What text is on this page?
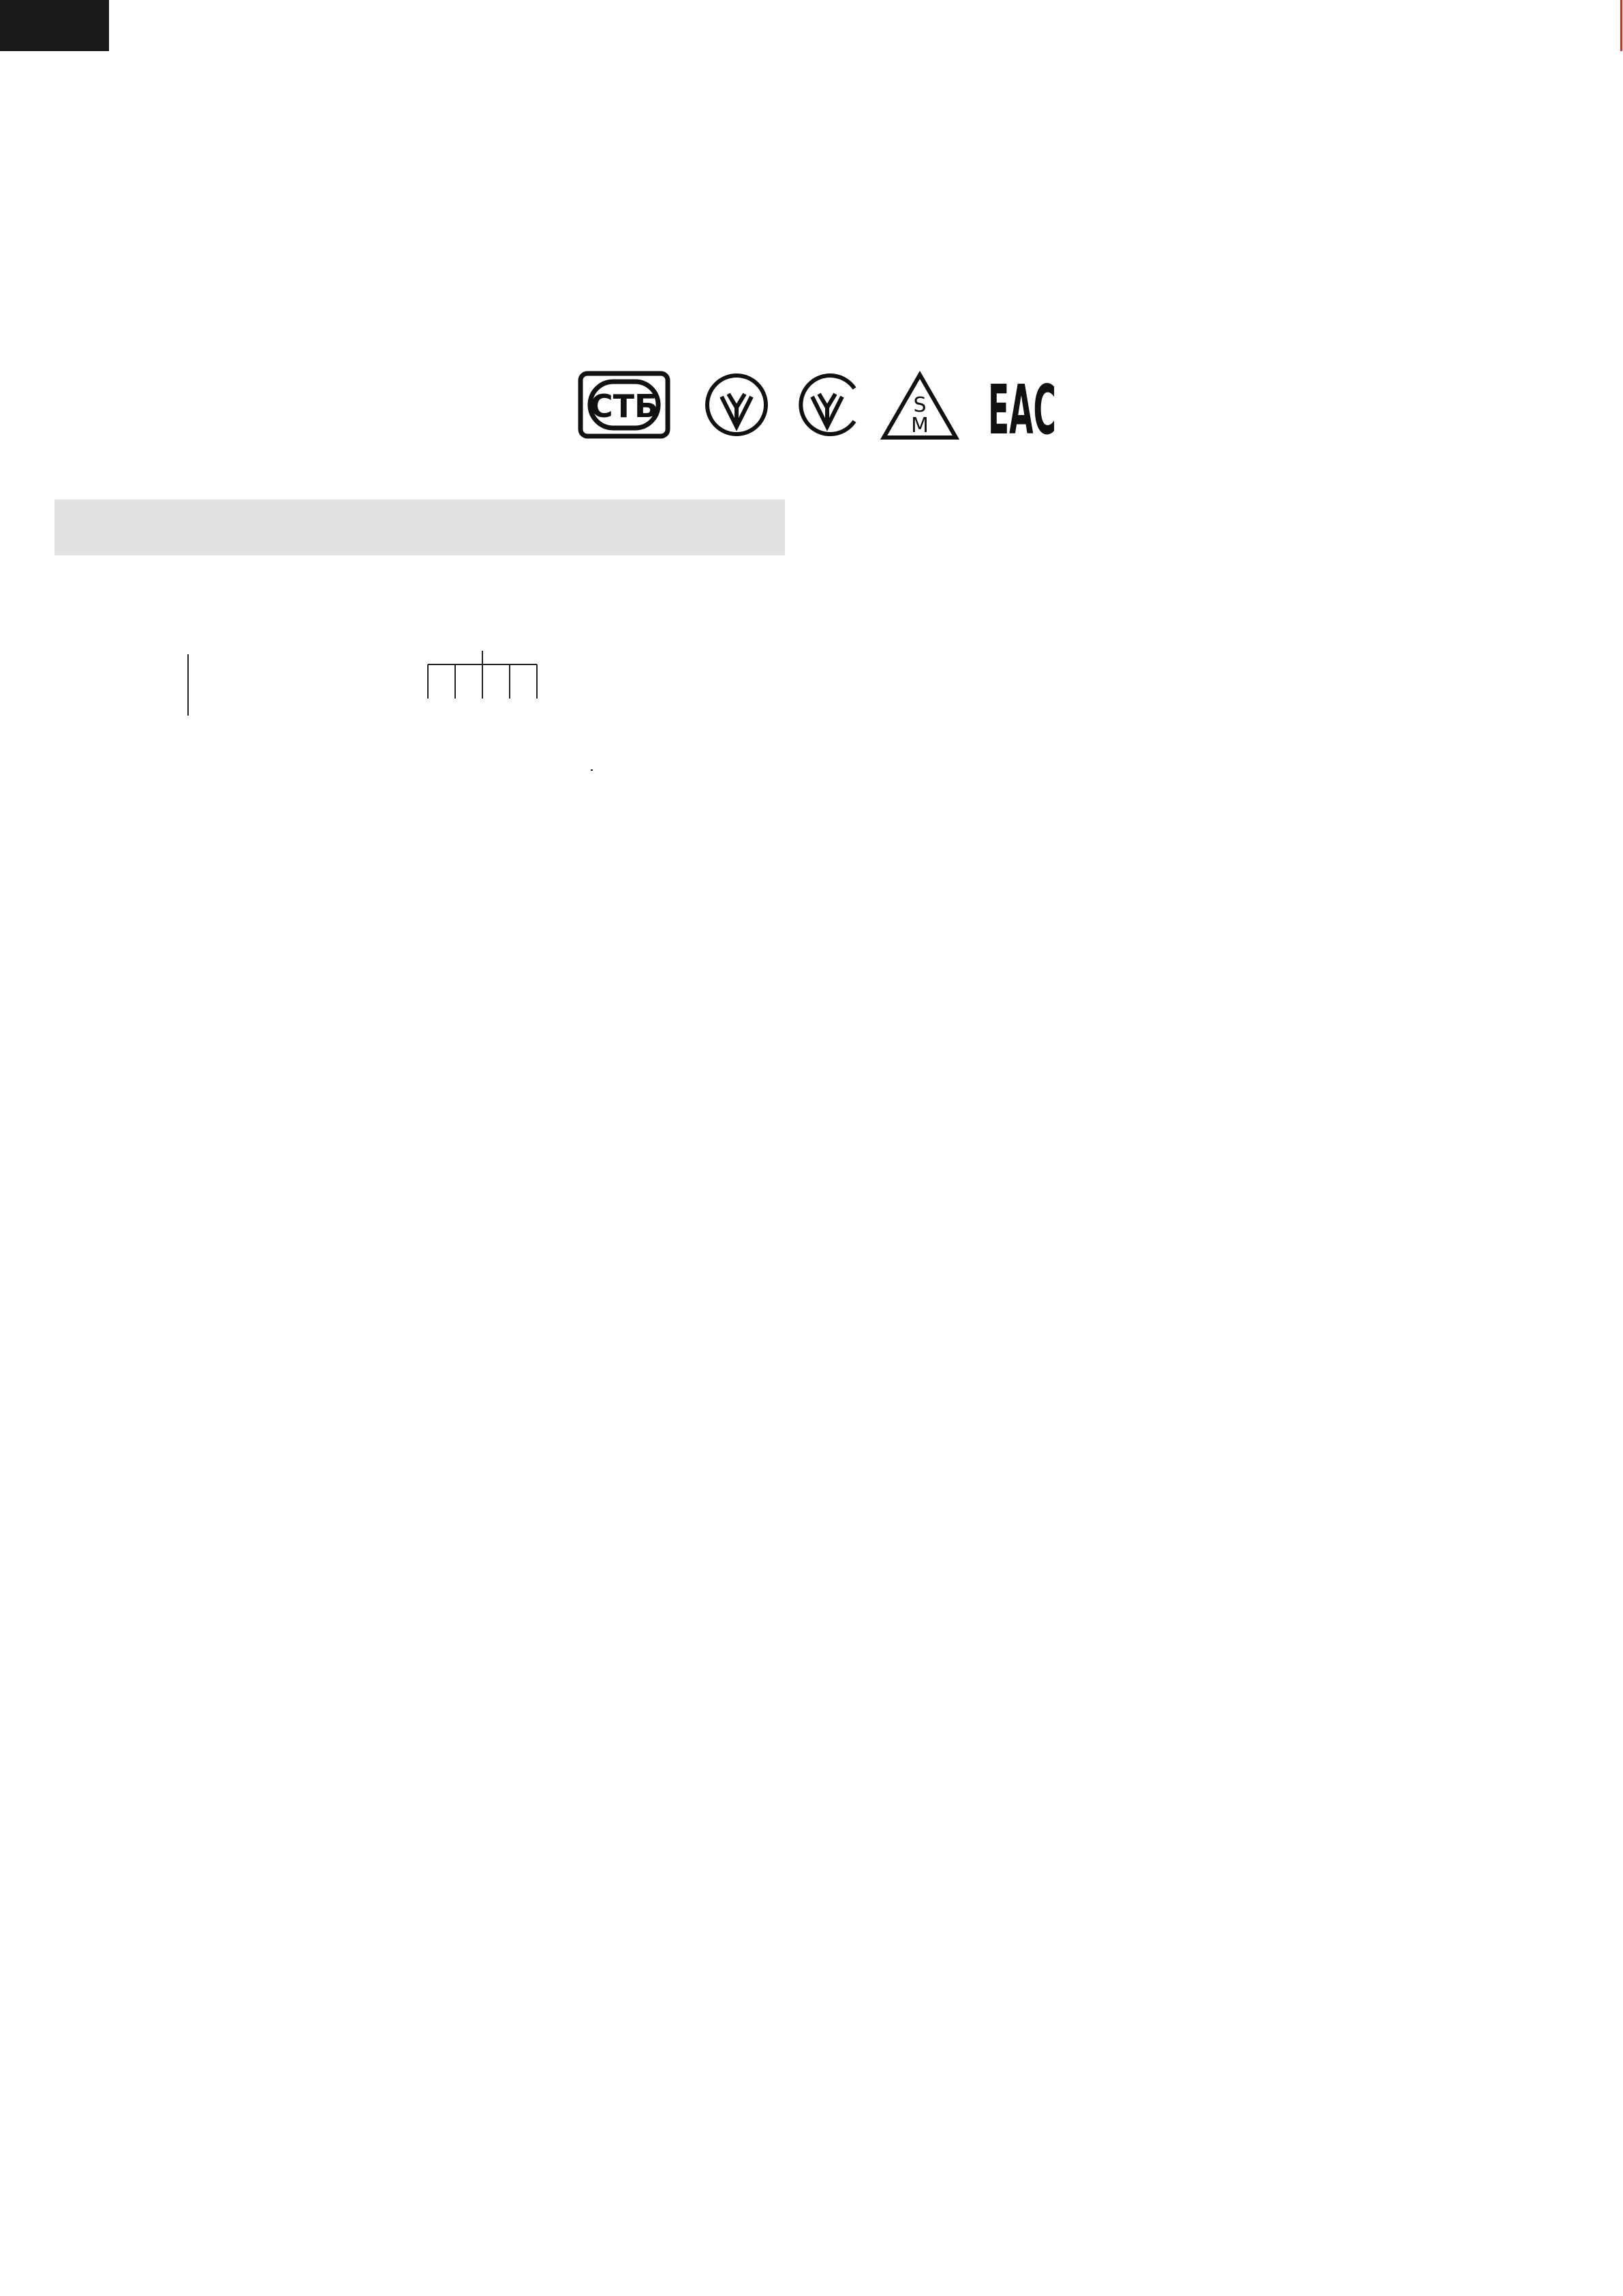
СТБ	S
M EAC
